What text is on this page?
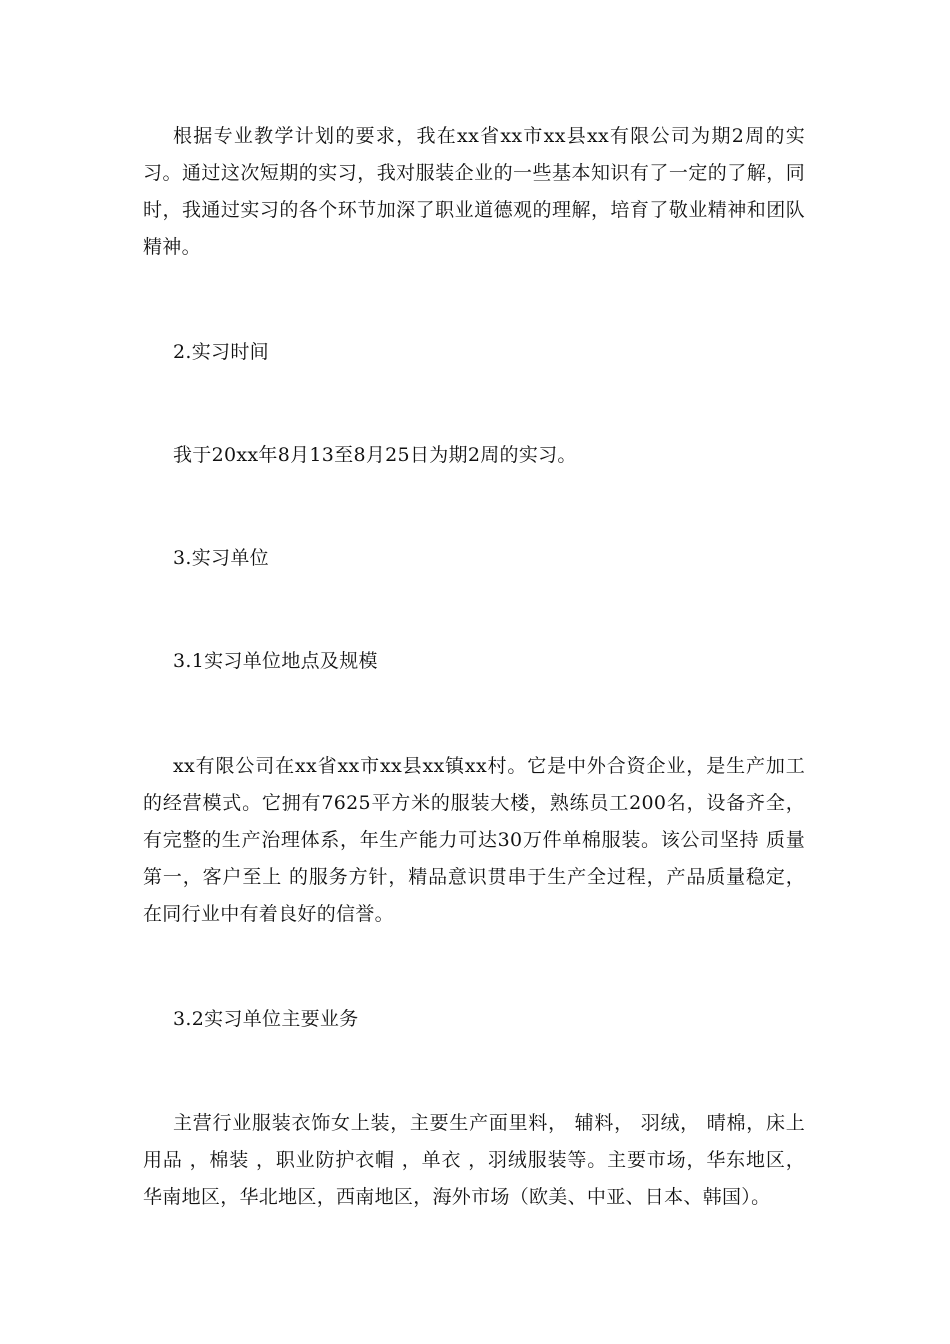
根据专业教学计划的要求，我在xx省xx市xx县xx有限公司为期2周的实习。通过这次短期的实习，我对服装企业的一些基本知识有了一定的了解，同时，我通过实习的各个环节加深了职业道德观的理解，培育了敬业精神和团队精神。

2.实习时间

我于20xx年8月13至8月25日为期2周的实习。

3.实习单位

3.1实习单位地点及规模

xx有限公司在xx省xx市xx县xx镇xx村。它是中外合资企业，是生产加工的经营模式。它拥有7625平方米的服装大楼，熟练员工200名，设备齐全，有完整的生产治理体系，年生产能力可达30万件单棉服装。该公司坚持 质量第一，客户至上 的服务方针，精品意识贯串于生产全过程，产品质量稳定，在同行业中有着良好的信誉。

3.2实习单位主要业务

主营行业服装衣饰女上装，主要生产面里料， 辅料， 羽绒， 晴棉，床上用品 ，棉装 ，职业防护衣帽 ，单衣 ，羽绒服装等。主要市场，华东地区，华南地区，华北地区，西南地区，海外市场（欧美、中亚、日本、韩国）。
